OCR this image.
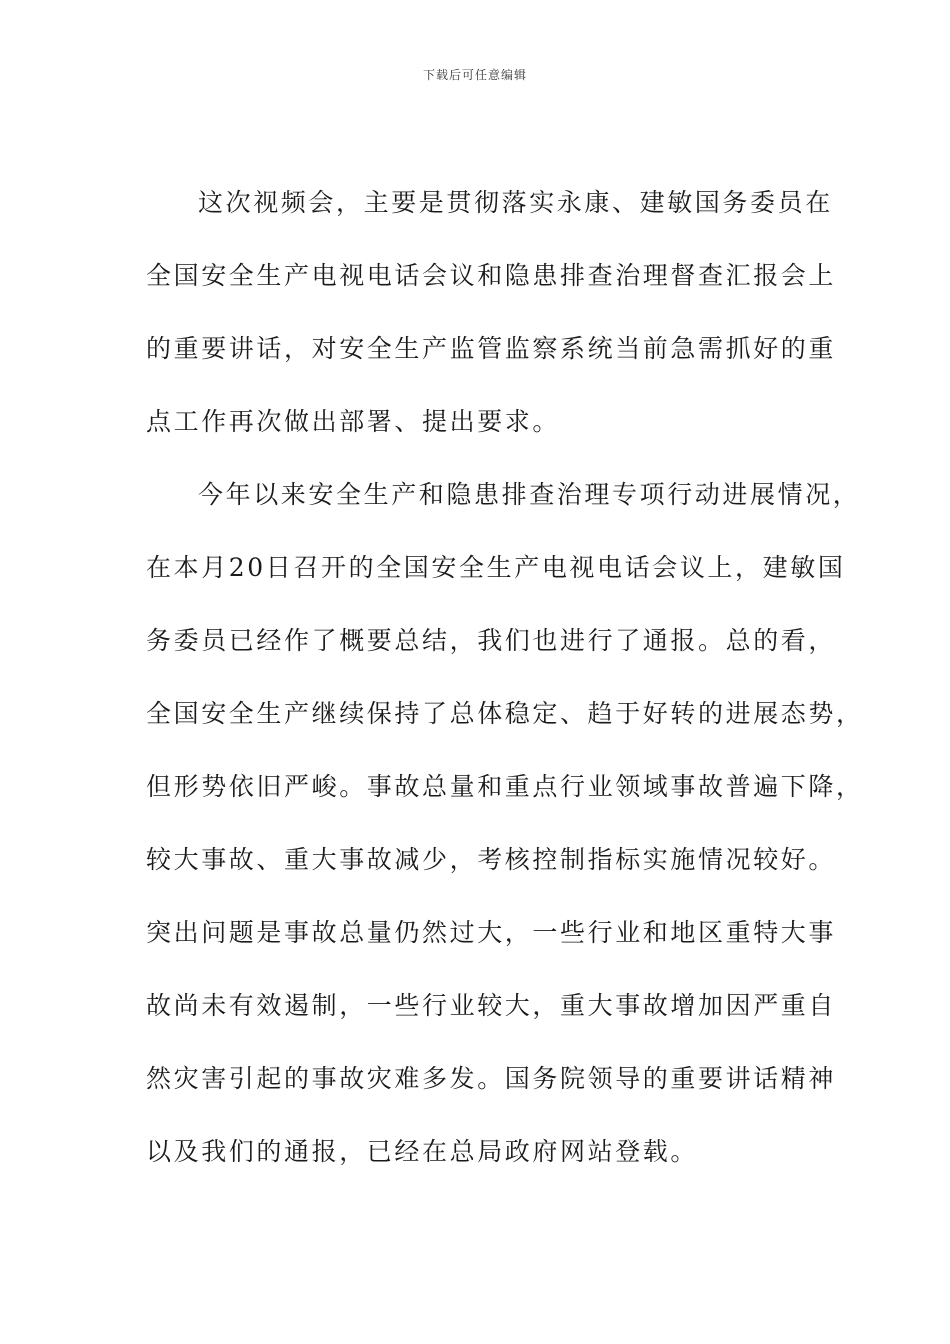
下载后可任意编辑

这次视频会，主要是贯彻落实永康、建敏国务委员在
全国安全生产电视电话会议和隐患排查治理督查汇报会上
的重要讲话，对安全生产监管监察系统当前急需抓好的重
点工作再次做出部署、提出要求。

今年以来安全生产和隐患排查治理专项行动进展情况，
在本月20日召开的全国安全生产电视电话会议上，建敏国
务委员已经作了概要总结，我们也进行了通报。总的看，
全国安全生产继续保持了总体稳定、趋于好转的进展态势，
但形势依旧严峻。事故总量和重点行业领域事故普遍下降，
较大事故、重大事故减少，考核控制指标实施情况较好。
突出问题是事故总量仍然过大，一些行业和地区重特大事
故尚未有效遏制，一些行业较大，重大事故增加因严重自
然灾害引起的事故灾难多发。国务院领导的重要讲话精神
以及我们的通报，已经在总局政府网站登载。
